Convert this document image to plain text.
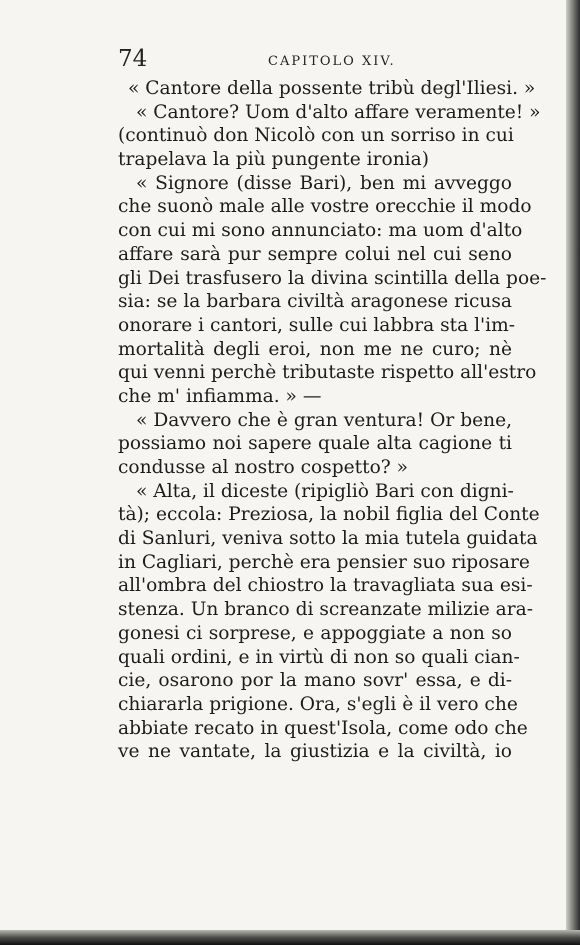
74	CAPITOLO XIV.
« Cantore della possente tribù degl'Iliesi. »
« Cantore? Uom d'alto affare veramente! »
(continuò don Nicolò con un sorriso in cui
trapelava la più pungente ironia)
« Signore (disse Bari), ben mi avveggo
che suonò male alle vostre orecchie il modo
con cui mi sono annunciato: ma uom d'alto
affare sarà pur sempre colui nel cui seno
gli Dei trasfusero la divina scintilla della poe-
sia: se la barbara civiltà aragonese ricusa
onorare i cantori, sulle cui labbra sta l'im-
mortalità degli eroi, non me ne curo; nè
qui venni perchè tributaste rispetto all'estro
che m' infiamma. » —
« Davvero che è gran ventura! Or bene,
possiamo noi sapere quale alta cagione ti
condusse al nostro cospetto? »
« Alta, il diceste (ripigliò Bari con digni-
tà); eccola: Preziosa, la nobil figlia del Conte
di Sanluri, veniva sotto la mia tutela guidata
in Cagliari, perchè era pensier suo riposare
all'ombra del chiostro la travagliata sua esi-
stenza. Un branco di screanzate milizie ara-
gonesi ci sorprese, e appoggiate a non so
quali ordini, e in virtù di non so quali cian-
cie, osarono por la mano sovr' essa, e di-
chiararla prigione. Ora, s'egli è il vero che
abbiate recato in quest'Isola, come odo che
ve ne vantate, la giustizia e la civiltà, io
